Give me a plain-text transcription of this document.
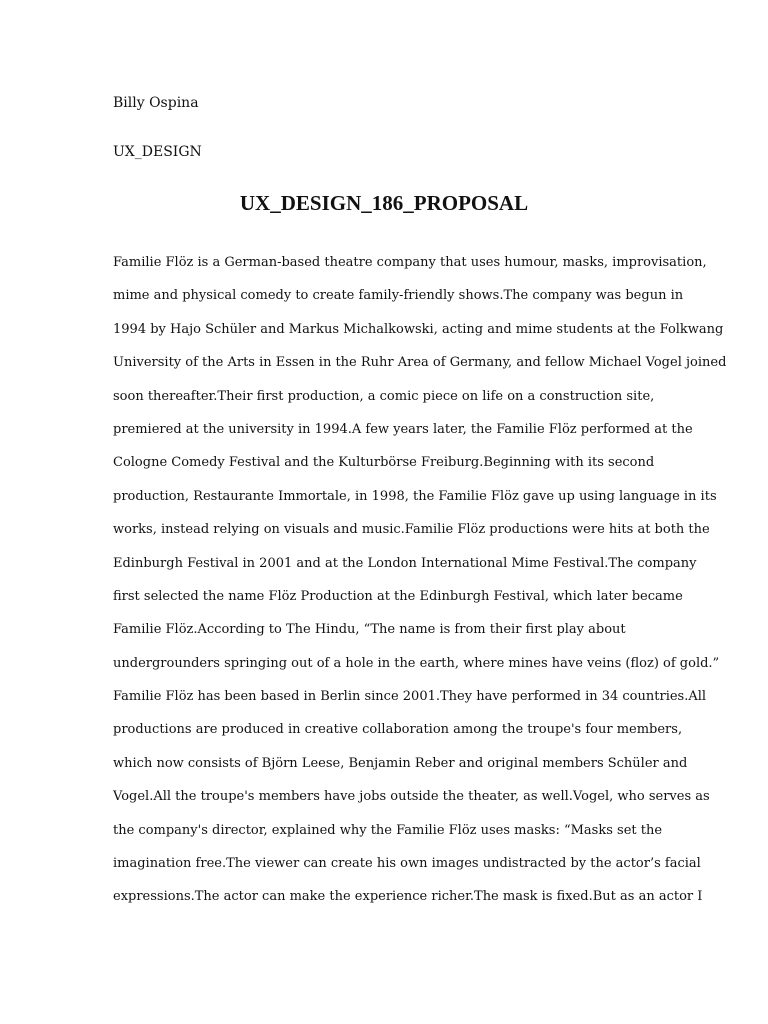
Billy Ospina
UX_DESIGN
UX_DESIGN_186_PROPOSAL
Familie Flöz is a German-based theatre company that uses humour, masks, improvisation,
mime and physical comedy to create family-friendly shows.The company was begun in
1994 by Hajo Schüler and Markus Michalkowski, acting and mime students at the Folkwang
University of the Arts in Essen in the Ruhr Area of Germany, and fellow Michael Vogel joined
soon thereafter.Their first production, a comic piece on life on a construction site,
premiered at the university in 1994.A few years later, the Familie Flöz performed at the
Cologne Comedy Festival and the Kulturbörse Freiburg.Beginning with its second
production, Restaurante Immortale, in 1998, the Familie Flöz gave up using language in its
works, instead relying on visuals and music.Familie Flöz productions were hits at both the
Edinburgh Festival in 2001 and at the London International Mime Festival.The company
first selected the name Flöz Production at the Edinburgh Festival, which later became
Familie Flöz.According to The Hindu, “The name is from their first play about
undergrounders springing out of a hole in the earth, where mines have veins (floz) of gold.”
Familie Flöz has been based in Berlin since 2001.They have performed in 34 countries.All
productions are produced in creative collaboration among the troupe's four members,
which now consists of Björn Leese, Benjamin Reber and original members Schüler and
Vogel.All the troupe's members have jobs outside the theater, as well.Vogel, who serves as
the company's director, explained why the Familie Flöz uses masks: “Masks set the
imagination free.The viewer can create his own images undistracted by the actor’s facial
expressions.The actor can make the experience richer.The mask is fixed.But as an actor I
